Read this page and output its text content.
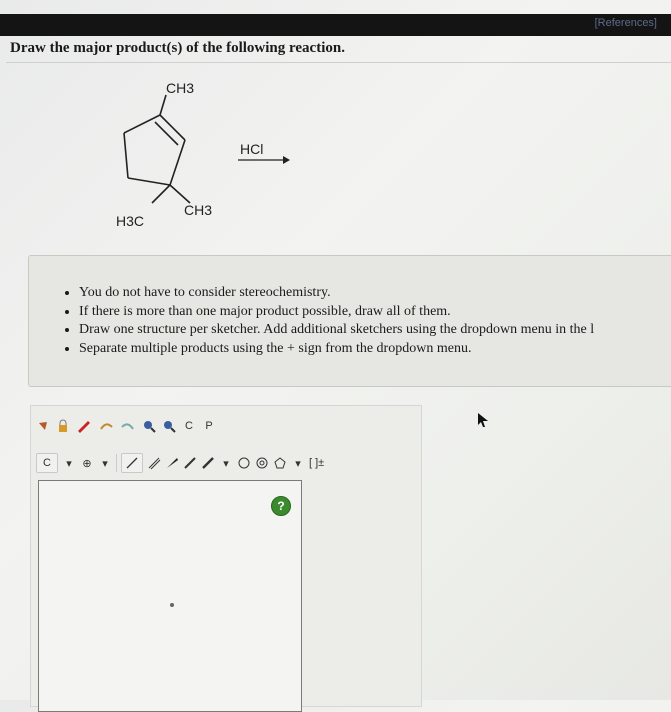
[References]
Draw the major product(s) of the following reaction.
CH3
CH3
H3C
HCl
• You do not have to consider stereochemistry.
• If there is more than one major product possible, draw all of them.
• Draw one structure per sketcher. Add additional sketchers using the dropdown menu in the l
• Separate multiple products using the + sign from the dropdown menu.
C	P
C	▾ ⊕ ▾	▾	▾ [ ]±
?
